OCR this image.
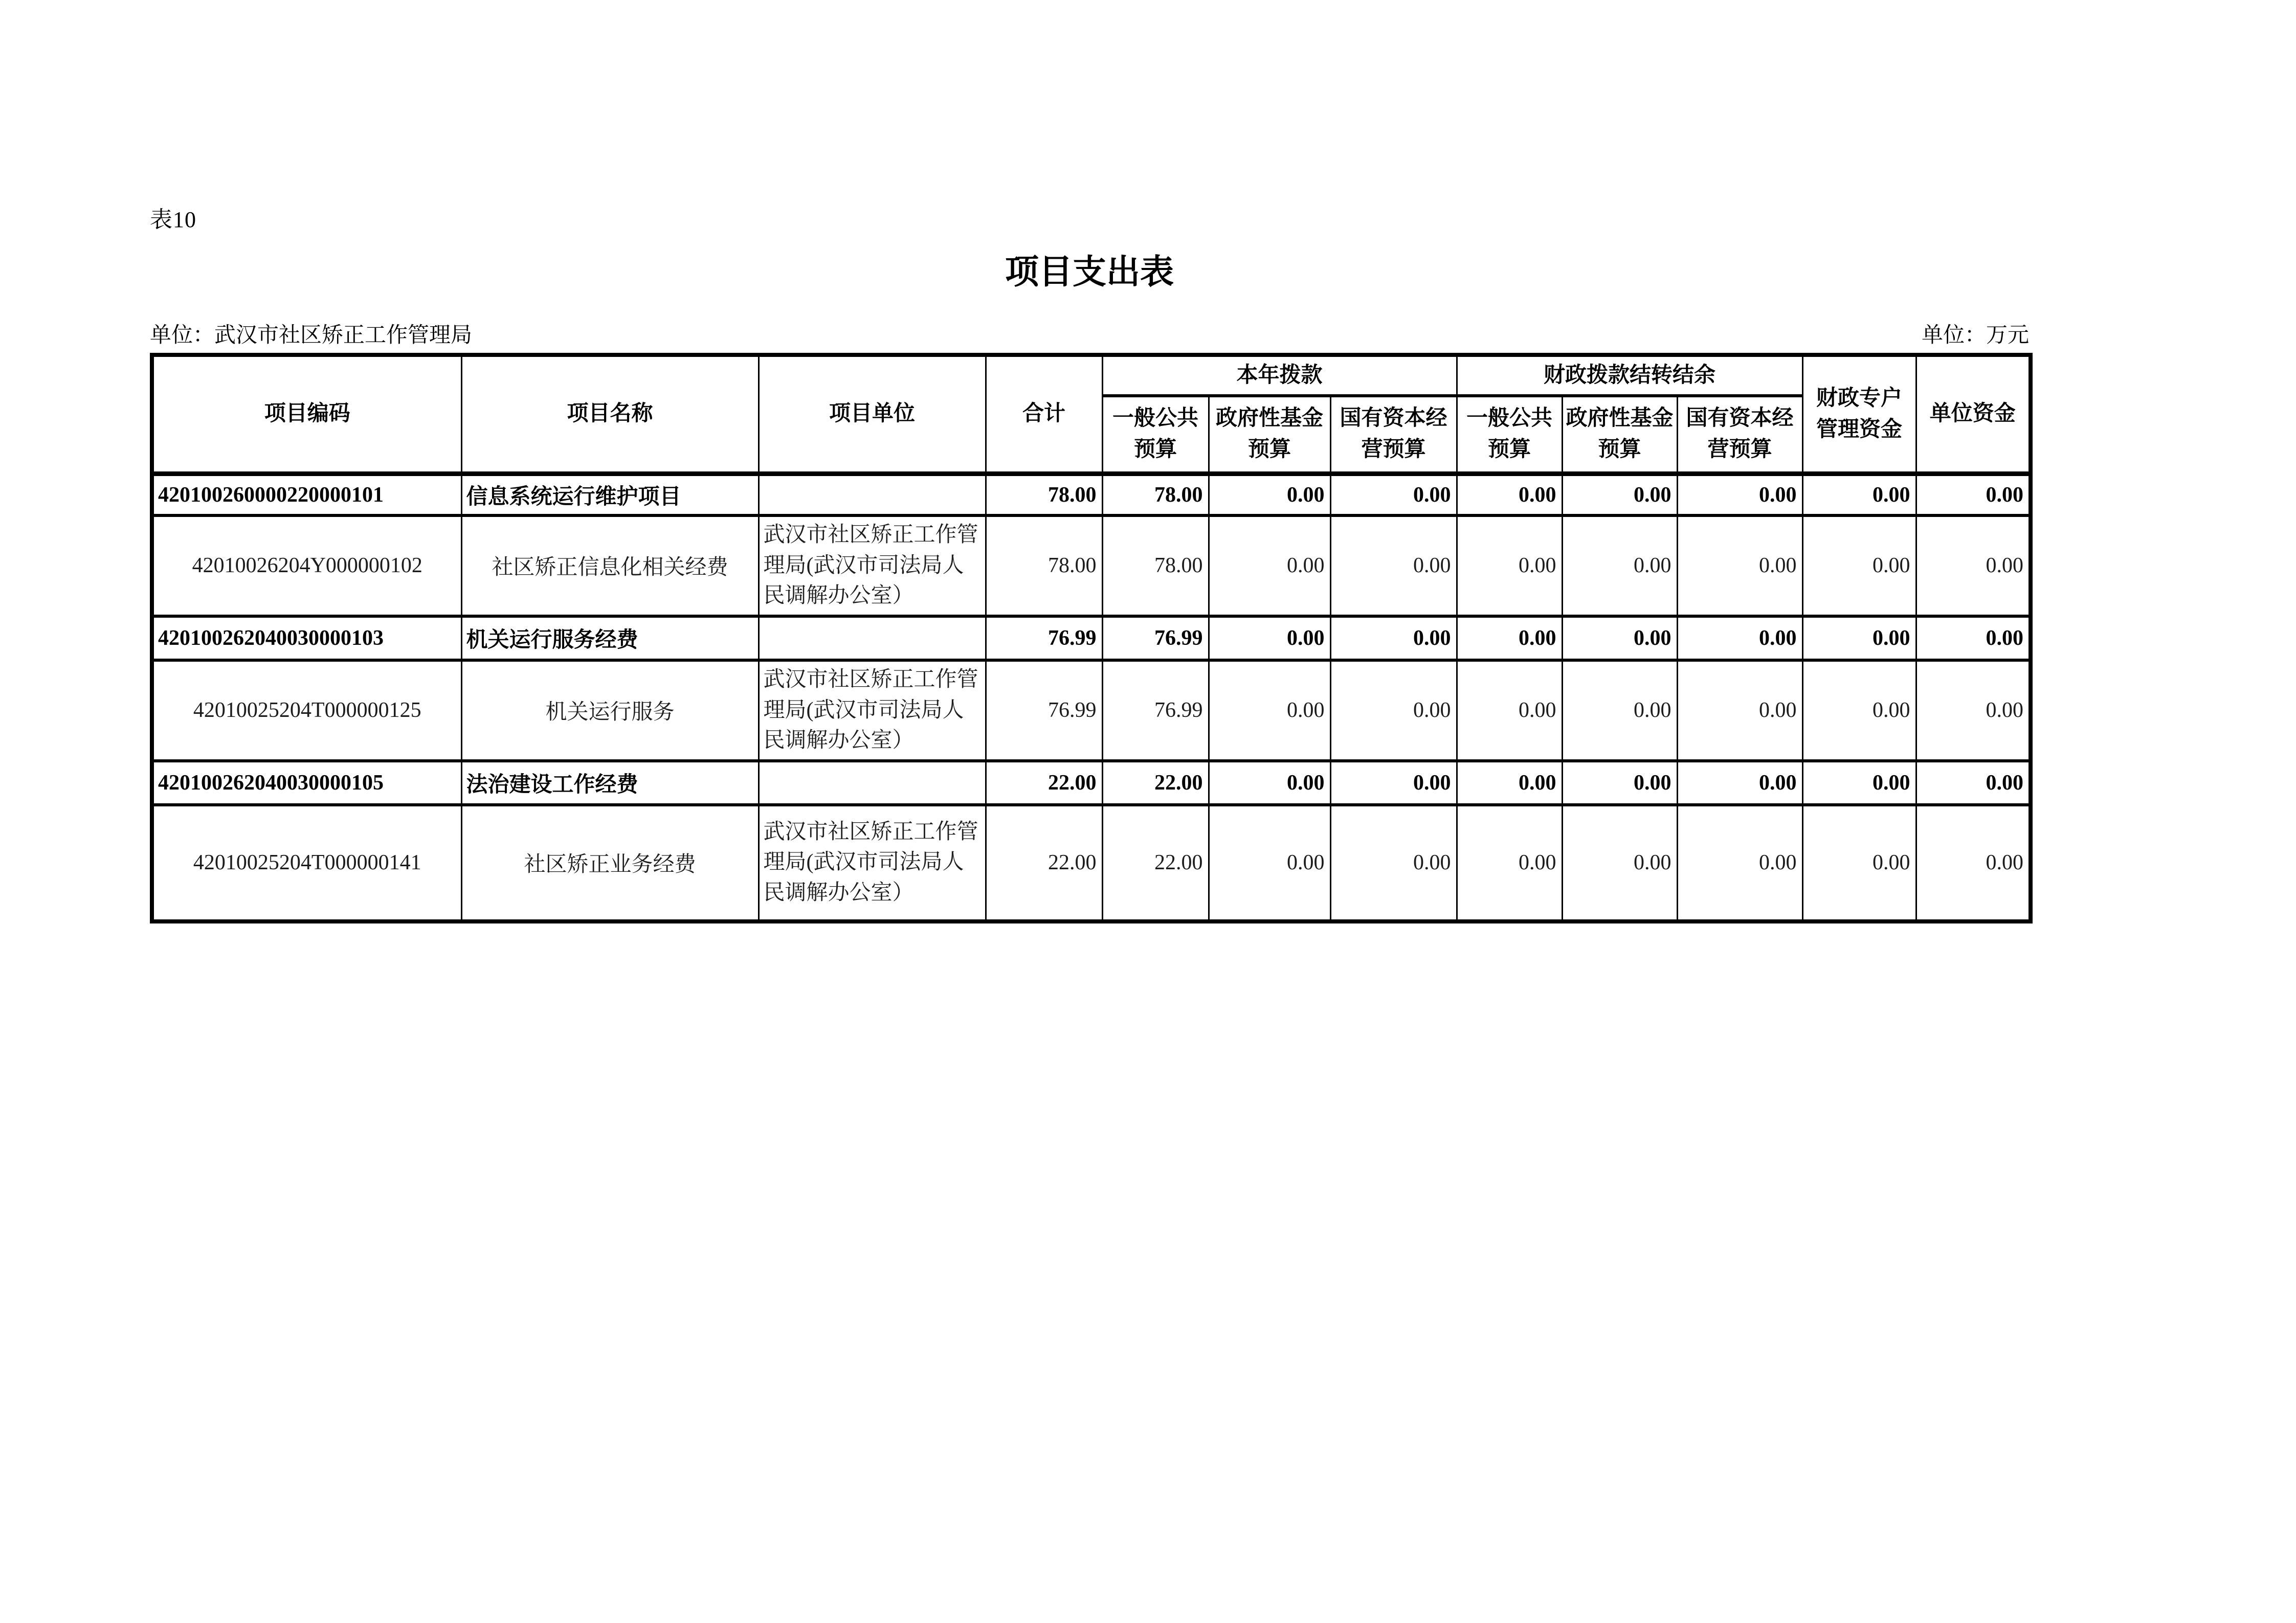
表10
项目支出表
单位：武汉市社区矫正工作管理局	单位：万元
项目编码	项目名称	项目单位	合计	本年拨款			财政拨款结转结余			财政专户管理资金	单位资金
				一般公共预算	政府性基金预算	国有资本经营预算	一般公共预算	政府性基金预算	国有资本经营预算		
420100260000220000101	信息系统运行维护项目		78.00	78.00	0.00	0.00	0.00	0.00	0.00	0.00	0.00
42010026204Y000000102	社区矫正信息化相关经费	武汉市社区矫正工作管理局(武汉市司法局人民调解办公室）	78.00	78.00	0.00	0.00	0.00	0.00	0.00	0.00	0.00
420100262040030000103	机关运行服务经费		76.99	76.99	0.00	0.00	0.00	0.00	0.00	0.00	0.00
42010025204T000000125	机关运行服务	武汉市社区矫正工作管理局(武汉市司法局人民调解办公室）	76.99	76.99	0.00	0.00	0.00	0.00	0.00	0.00	0.00
420100262040030000105	法治建设工作经费		22.00	22.00	0.00	0.00	0.00	0.00	0.00	0.00	0.00
42010025204T000000141	社区矫正业务经费	武汉市社区矫正工作管理局(武汉市司法局人民调解办公室）	22.00	22.00	0.00	0.00	0.00	0.00	0.00	0.00	0.00
